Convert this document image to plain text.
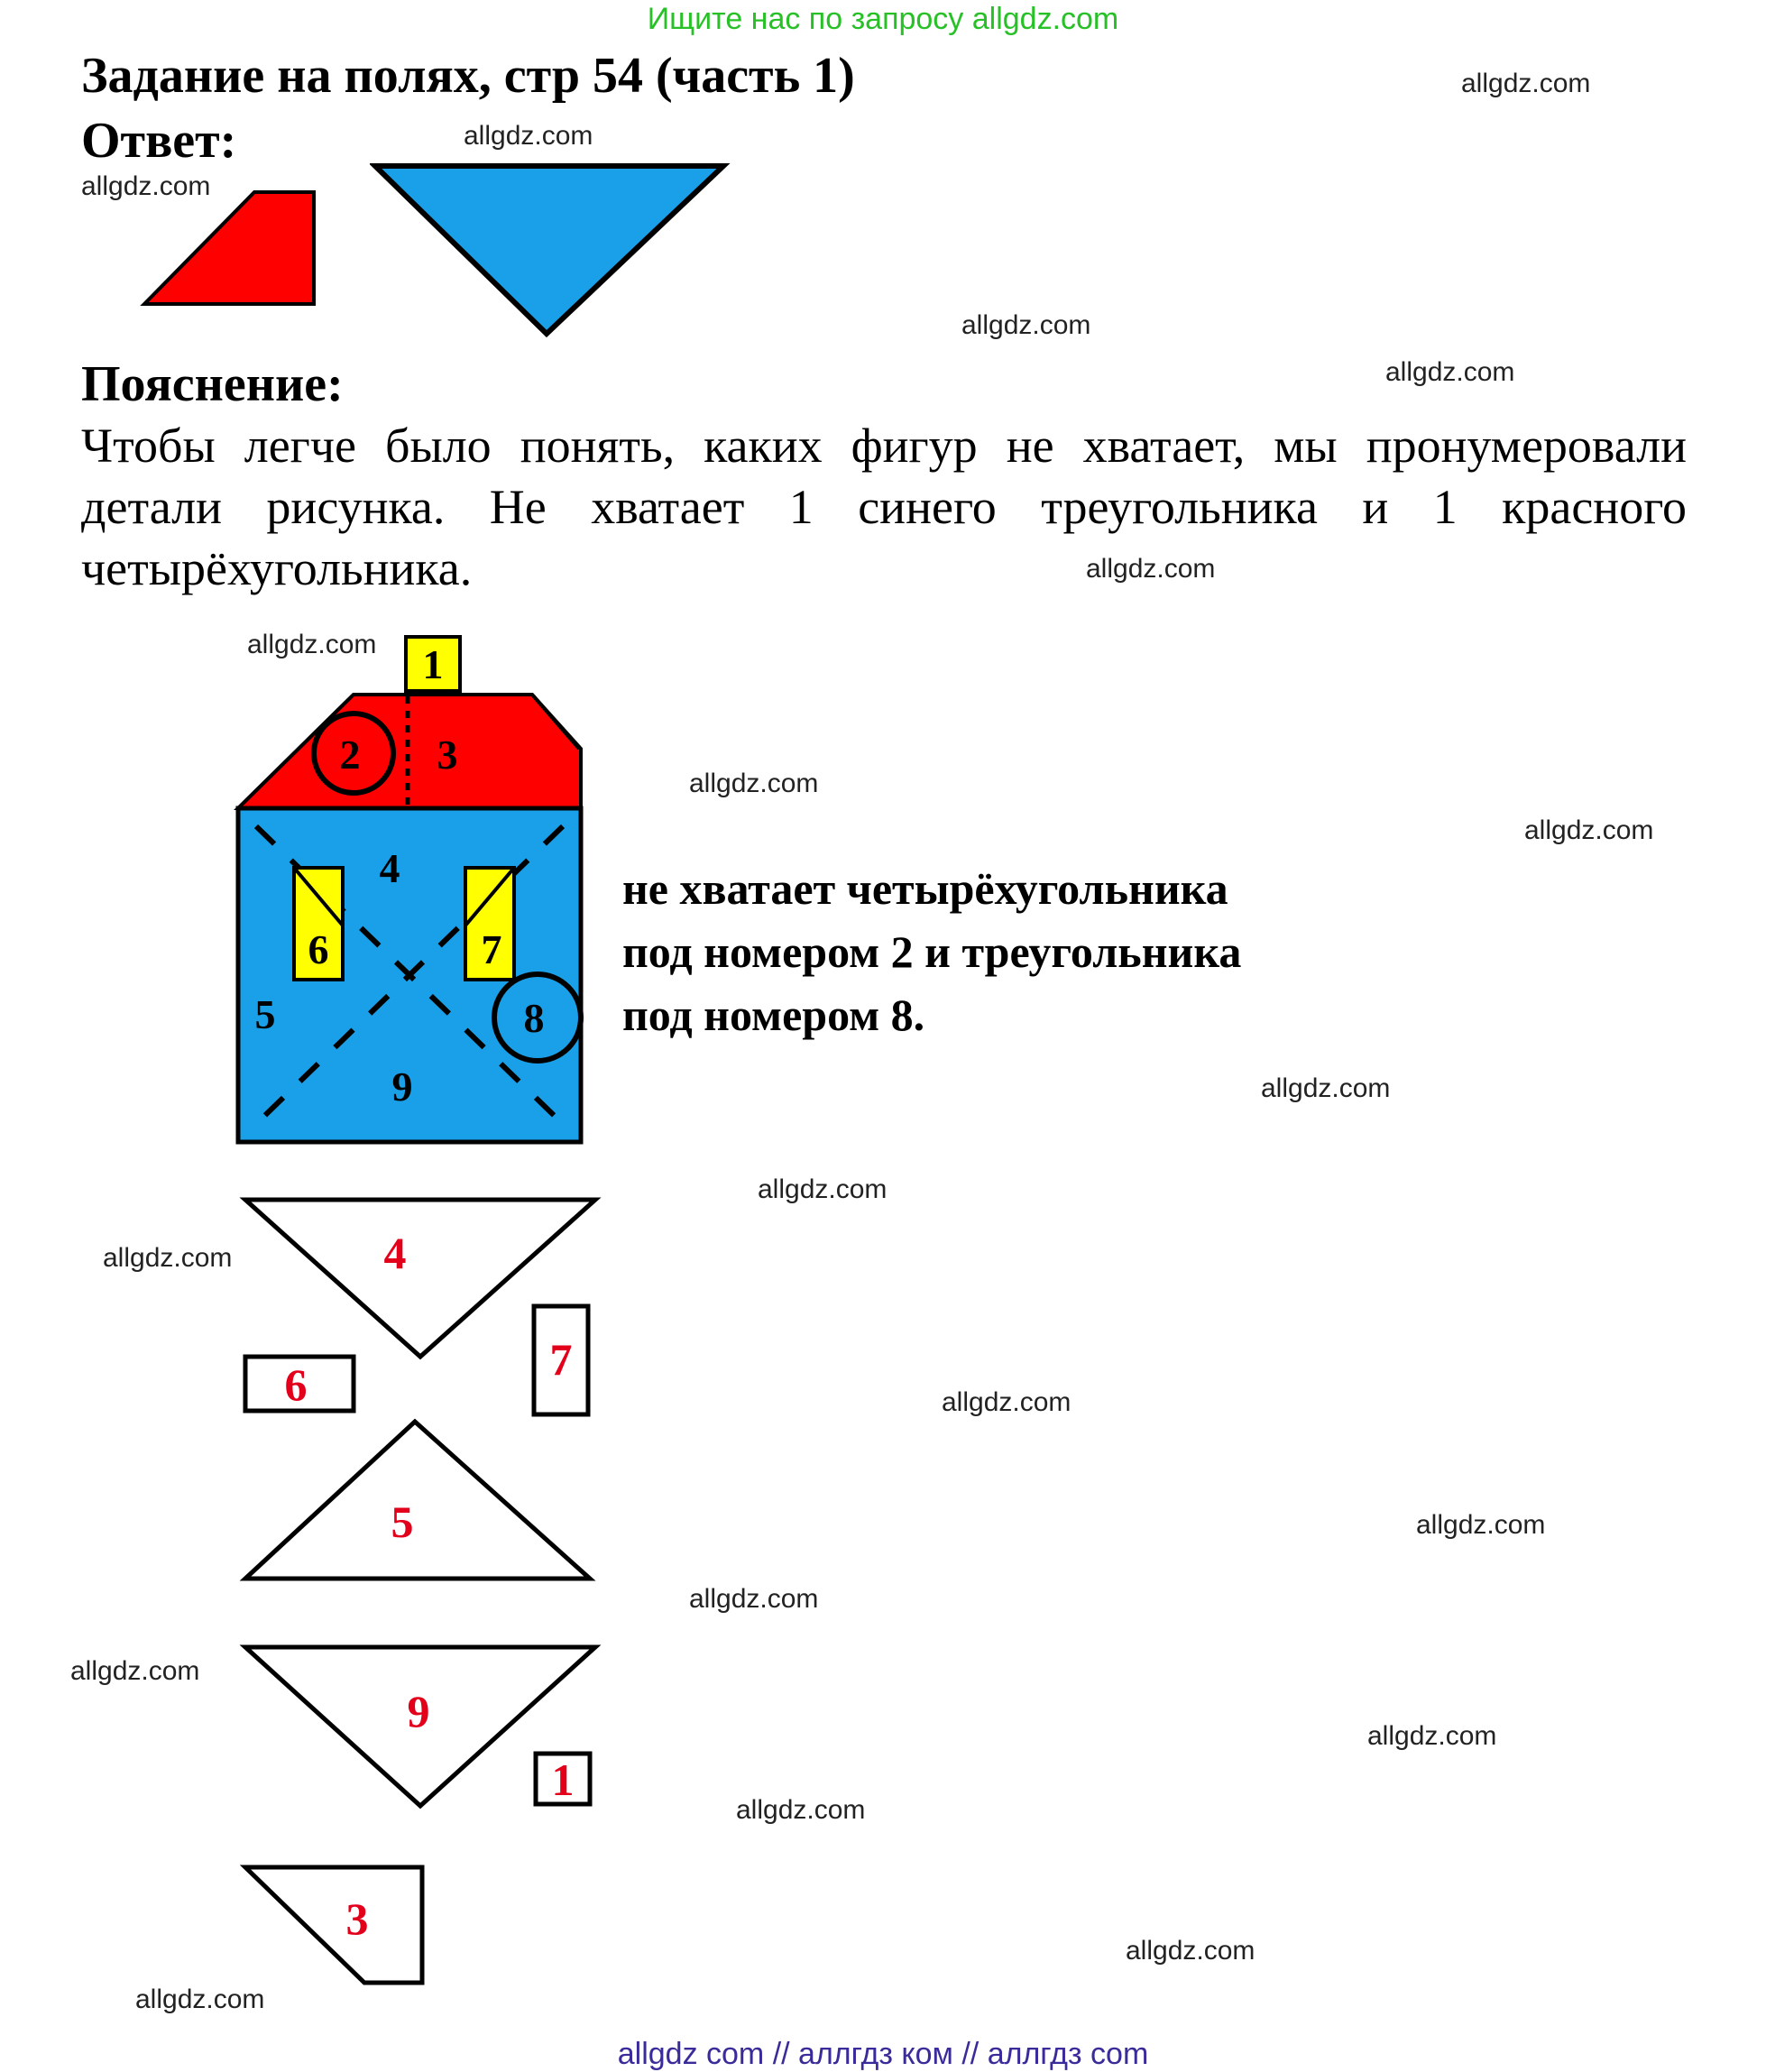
Ищите нас по запросу allgdz.com
Задание на полях, стр 54 (часть 1)
Ответ:
Пояснение:
Чтобы легче было понять, каких фигур не хватает, мы пронумеровали детали рисунка. Не хватает 1 синего треугольника и 1 красного четырёхугольника.
1
2 3
4
6	7
5	8
9
не хватает четырёхугольника
под номером 2 и треугольника
под номером 8.
4
6	7
5
9
1
3
allgdz.com
allgdz.com
allgdz.com
allgdz.com
allgdz.com
allgdz.com
allgdz.com
allgdz.com
allgdz.com
allgdz.com
allgdz.com
allgdz.com
allgdz.com
allgdz.com
allgdz.com
allgdz.com
allgdz.com
allgdz.com
allgdz.com
allgdz.com
allgdz com // аллгдз ком // аллгдз com
